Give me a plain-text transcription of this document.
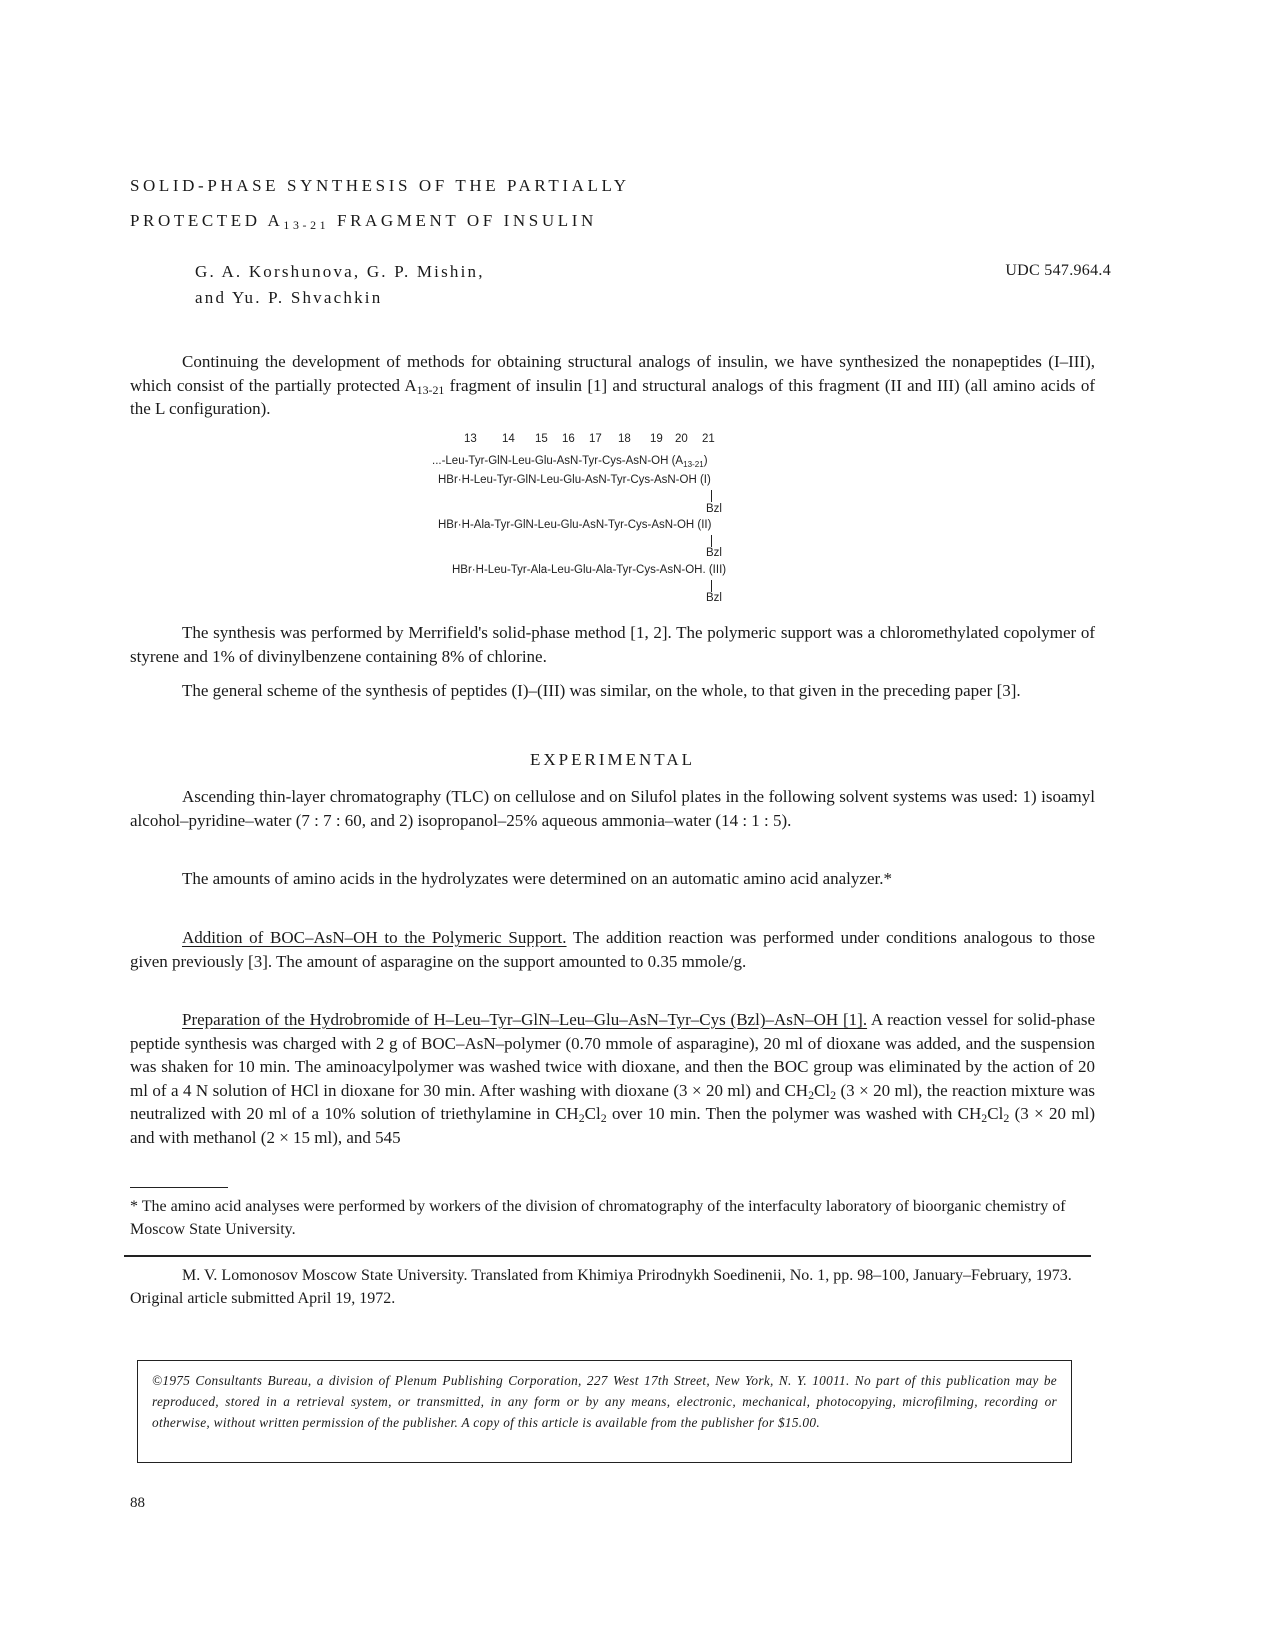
SOLID-PHASE SYNTHESIS OF THE PARTIALLY
PROTECTED $A_{13-21}$ FRAGMENT OF INSULIN
G. A. Korshunova, G. P. Mishin,
and Yu. P. Shvachkin
UDC 547.964.4

Continuing the development of methods for obtaining structural analogs of insulin, we have synthesized the nonapeptides (I–III), which consist of the partially protected $A_{13-21}$ fragment of insulin [1] and structural analogs of this fragment (II and III) (all amino acids of the L configuration).

13 14 15 16 17 18 19 20 21
...-Leu-Tyr-GlN-Leu-Glu-AsN-Tyr-Cys-AsN-OH $(A_{13-21})$
HBr·H-Leu-Tyr-GlN-Leu-Glu-AsN-Tyr-Cys-AsN-OH (I)
Bzl
HBr·H-Ala-Tyr-GlN-Leu-Glu-AsN-Tyr-Cys-AsN-OH (II)
Bzl
HBr·H-Leu-Tyr-Ala-Leu-Glu-Ala-Tyr-Cys-AsN-OH. (III)
Bzl

The synthesis was performed by Merrifield's solid-phase method [1, 2]. The polymeric support was a chloromethylated copolymer of styrene and 1% of divinylbenzene containing 8% of chlorine.

The general scheme of the synthesis of peptides (I)–(III) was similar, on the whole, to that given in the preceding paper [3].

EXPERIMENTAL

Ascending thin-layer chromatography (TLC) on cellulose and on Silufol plates in the following solvent systems was used: 1) isoamyl alcohol–pyridine–water (7 : 7 : 60, and 2) isopropanol–25% aqueous ammonia–water (14 : 1 : 5).

The amounts of amino acids in the hydrolyzates were determined on an automatic amino acid analyzer.*

Addition of BOC–AsN–OH to the Polymeric Support. The addition reaction was performed under conditions analogous to those given previously [3]. The amount of asparagine on the support amounted to 0.35 mmole/g.

Preparation of the Hydrobromide of H–Leu–Tyr–GlN–Leu–Glu–AsN–Tyr–Cys (Bzl)–AsN–OH [1]. A reaction vessel for solid-phase peptide synthesis was charged with 2 g of BOC–AsN–polymer (0.70 mmole of asparagine), 20 ml of dioxane was added, and the suspension was shaken for 10 min. The aminoacylpolymer was washed twice with dioxane, and then the BOC group was eliminated by the action of 20 ml of a 4 N solution of HCl in dioxane for 30 min. After washing with dioxane (3 × 20 ml) and $CH_2Cl_2$ (3 × 20 ml), the reaction mixture was neutralized with 20 ml of a 10% solution of triethylamine in $CH_2Cl_2$ over 10 min. Then the polymer was washed with $CH_2Cl_2$ (3 × 20 ml) and with methanol (2 × 15 ml), and 545

* The amino acid analyses were performed by workers of the division of chromatography of the interfaculty laboratory of bioorganic chemistry of Moscow State University.

M. V. Lomonosov Moscow State University. Translated from Khimiya Prirodnykh Soedinenii, No. 1, pp. 98–100, January–February, 1973. Original article submitted April 19, 1972.

©1975 Consultants Bureau, a division of Plenum Publishing Corporation, 227 West 17th Street, New York, N. Y. 10011. No part of this publication may be reproduced, stored in a retrieval system, or transmitted, in any form or by any means, electronic, mechanical, photocopying, microfilming, recording or otherwise, without written permission of the publisher. A copy of this article is available from the publisher for $15.00.

88
